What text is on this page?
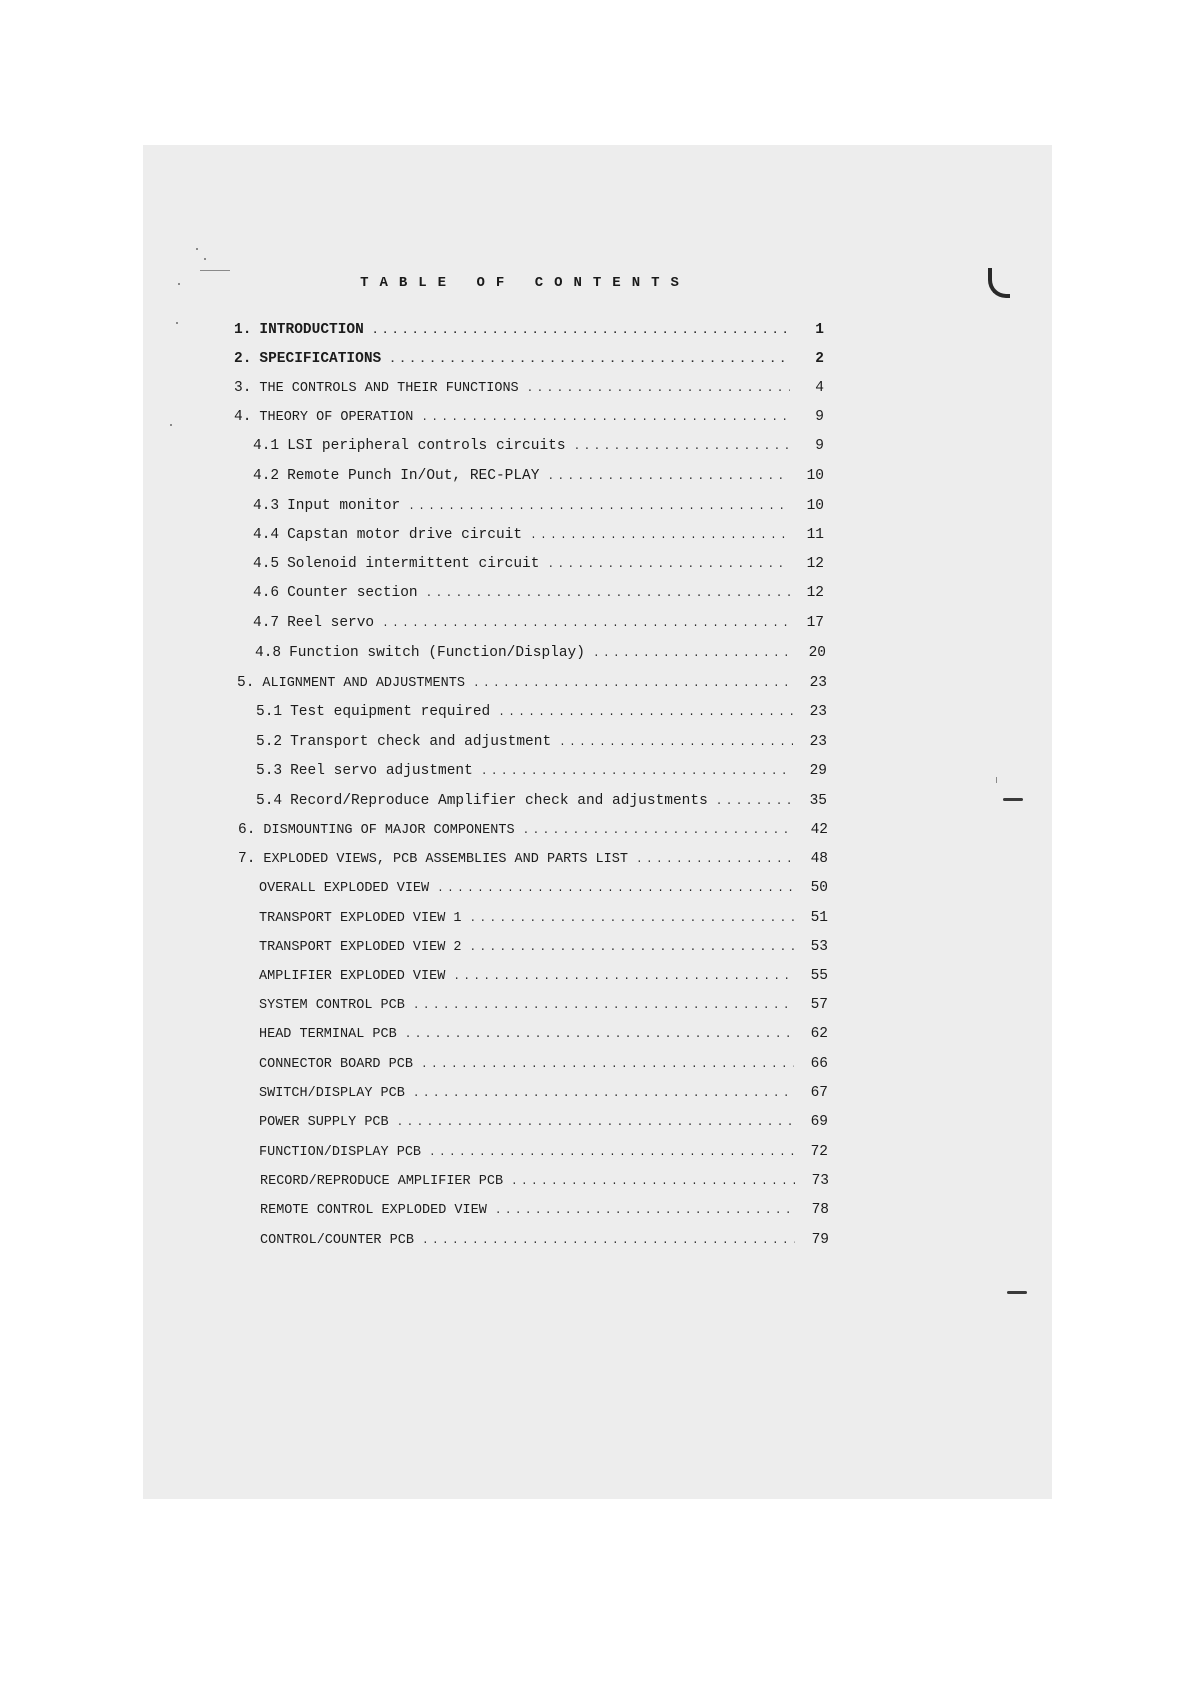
TABLE OF CONTENTS
1. INTRODUCTION . . .	1
2. SPECIFICATIONS . . .	2
3. THE CONTROLS AND THEIR FUNCTIONS . . .	4
4. THEORY OF OPERATION . . .	9
4.1 LSI peripheral controls circuits . . .	9
4.2 Remote Punch In/Out, REC-PLAY . . .	10
4.3 Input monitor . . .	10
4.4 Capstan motor drive circuit . . .	11
4.5 Solenoid intermittent circuit . . .	12
4.6 Counter section . . .	12
4.7 Reel servo . . .	17
4.8 Function switch (Function/Display) . . .	20
5. ALIGNMENT AND ADJUSTMENTS . . .	23
5.1 Test equipment required . . .	23
5.2 Transport check and adjustment . . .	23
5.3 Reel servo adjustment . . .	29
5.4 Record/Reproduce Amplifier check and adjustments . . .	35
6. DISMOUNTING OF MAJOR COMPONENTS . . .	42
7. EXPLODED VIEWS, PCB ASSEMBLIES AND PARTS LIST . . .	48
OVERALL EXPLODED VIEW . . .	50
TRANSPORT EXPLODED VIEW 1 . . .	51
TRANSPORT EXPLODED VIEW 2 . . .	53
AMPLIFIER EXPLODED VIEW . . .	55
SYSTEM CONTROL PCB . . .	57
HEAD TERMINAL PCB . . .	62
CONNECTOR BOARD PCB . . .	66
SWITCH/DISPLAY PCB . . .	67
POWER SUPPLY PCB . . .	69
FUNCTION/DISPLAY PCB . . .	72
RECORD/REPRODUCE AMPLIFIER PCB . . .	73
REMOTE CONTROL EXPLODED VIEW . . .	78
CONTROL/COUNTER PCB . . .	79
